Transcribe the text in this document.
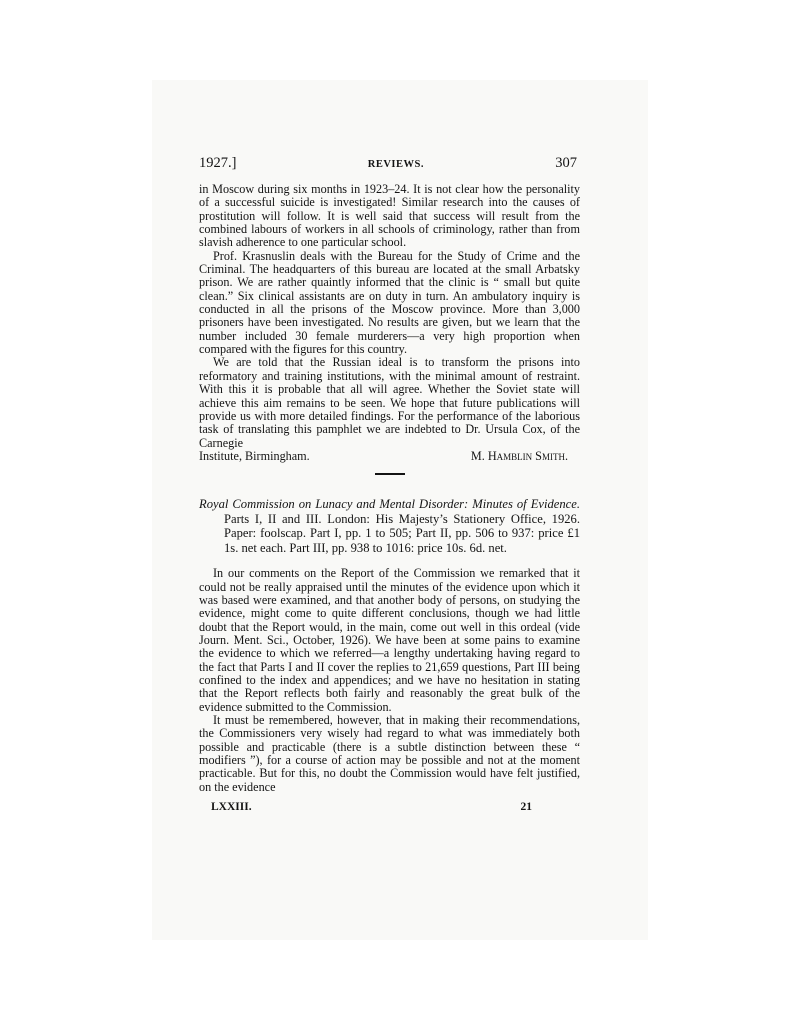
1927.]	REVIEWS.	307

in Moscow during six months in 1923–24. It is not clear how the personality of a successful suicide is investigated! Similar research into the causes of prostitution will follow. It is well said that success will result from the combined labours of workers in all schools of criminology, rather than from slavish adherence to one particular school.

Prof. Krasnuslin deals with the Bureau for the Study of Crime and the Criminal. The headquarters of this bureau are located at the small Arbatsky prison. We are rather quaintly informed that the clinic is “ small but quite clean.” Six clinical assistants are on duty in turn. An ambulatory inquiry is conducted in all the prisons of the Moscow province. More than 3,000 prisoners have been investigated. No results are given, but we learn that the number included 30 female murderers—a very high proportion when compared with the figures for this country.

We are told that the Russian ideal is to transform the prisons into reformatory and training institutions, with the minimal amount of restraint. With this it is probable that all will agree. Whether the Soviet state will achieve this aim remains to be seen. We hope that future publications will provide us with more detailed findings. For the performance of the laborious task of translating this pamphlet we are indebted to Dr. Ursula Cox, of the Carnegie

Institute, Birmingham.	M. Hamblin Smith.

Royal Commission on Lunacy and Mental Disorder: Minutes of Evidence. Parts I, II and III. London: His Majesty’s Stationery Office, 1926. Paper: foolscap. Part I, pp. 1 to 505; Part II, pp. 506 to 937: price £1 1s. net each. Part III, pp. 938 to 1016: price 10s. 6d. net.

In our comments on the Report of the Commission we remarked that it could not be really appraised until the minutes of the evidence upon which it was based were examined, and that another body of persons, on studying the evidence, might come to quite different conclusions, though we had little doubt that the Report would, in the main, come out well in this ordeal (vide Journ. Ment. Sci., October, 1926). We have been at some pains to examine the evidence to which we referred—a lengthy undertaking having regard to the fact that Parts I and II cover the replies to 21,659 questions, Part III being confined to the index and appendices; and we have no hesitation in stating that the Report reflects both fairly and reasonably the great bulk of the evidence submitted to the Commission.

It must be remembered, however, that in making their recommendations, the Commissioners very wisely had regard to what was immediately both possible and practicable (there is a subtle distinction between these “ modifiers ”), for a course of action may be possible and not at the moment practicable. But for this, no doubt the Commission would have felt justified, on the evidence

LXXIII.	21
